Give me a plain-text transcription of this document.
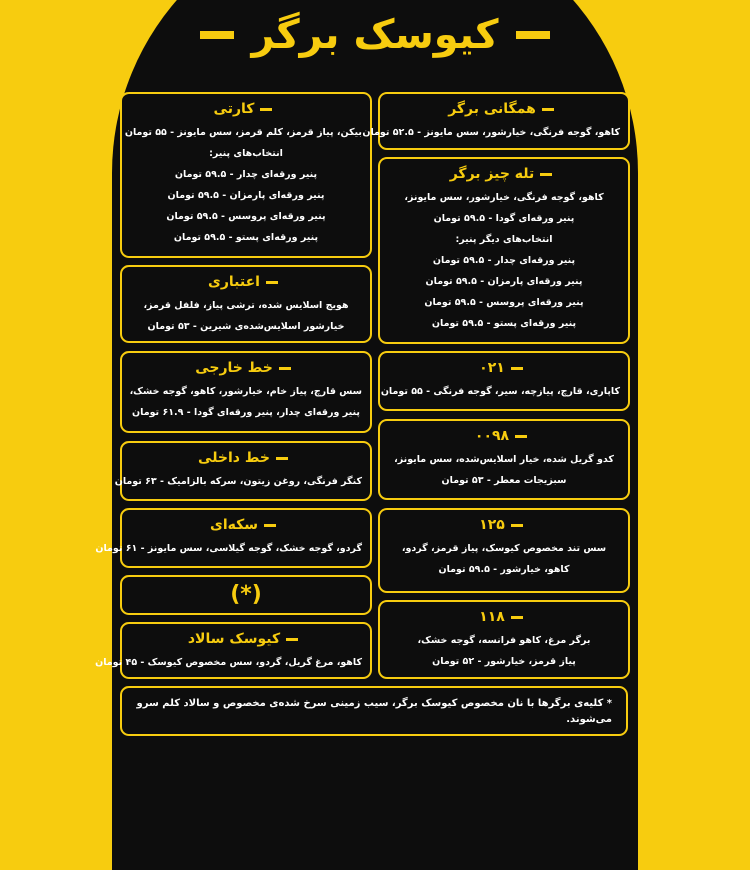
کیوسک برگر
کارتی
بیکن، پیاز قرمز، کلم قرمز، سس مایونز - ۵۵ تومان
انتخاب‌های پنیر:
پنیر ورقه‌ای چدار - ۵۹.۵ تومان
پنیر ورقه‌ای پارمزان - ۵۹.۵ تومان
پنیر ورقه‌ای پروسس - ۵۹.۵ تومان
پنیر ورقه‌ای پستو - ۵۹.۵ تومان
اعتباری
هویج اسلایس شده، ترشی پیاز، فلفل قرمز،
خیارشور اسلایس‌شده‌ی شیرین - ۵۳ تومان
خط خارجی
سس قارچ، پیاز خام، خیارشور، کاهو، گوجه خشک،
پنیر ورقه‌ای چدار، پنیر ورقه‌ای گودا - ۶۱.۹ تومان
خط داخلی
کنگر فرنگی، روغن زیتون، سرکه بالزامیک - ۶۳ تومان
سکه‌ای
گردو، گوجه خشک، گوجه گیلاسی، سس مایونز - ۶۱ تومان
(*)
کیوسک سالاد
کاهو، مرغ گریل، گردو، سس مخصوص کیوسک - ۴۵ تومان
همگانی برگر
کاهو، گوجه فرنگی، خیارشور، سس مایونز - ۵۲.۵ تومان
تله چیز برگر
کاهو، گوجه فرنگی، خیارشور، سس مایونز،
پنیر ورقه‌ای گودا - ۵۹.۵ تومان
انتخاب‌های دیگر پنیر:
پنیر ورقه‌ای چدار - ۵۹.۵ تومان
پنیر ورقه‌ای پارمزان - ۵۹.۵ تومان
پنیر ورقه‌ای پروسس - ۵۹.۵ تومان
پنیر ورقه‌ای پستو - ۵۹.۵ تومان
۰۲۱
کاپاری، قارچ، پیازچه، سیر، گوجه فرنگی - ۵۵ تومان
۰۰۹۸
کدو گریل شده، خیار اسلایس‌شده، سس مایونز،
سبزیجات معطر - ۵۳ تومان
۱۲۵
سس تند مخصوص کیوسک، پیاز قرمز، گردو،
کاهو، خیارشور - ۵۹.۵ تومان
۱۱۸
برگر مرغ، کاهو فرانسه، گوجه خشک،
پیاز قرمز، خیارشور - ۵۲ تومان
* کلیه‌ی برگرها با نان مخصوص کیوسک برگر، سیب زمینی سرخ شده‌ی مخصوص و سالاد کلم سرو می‌شوند.
